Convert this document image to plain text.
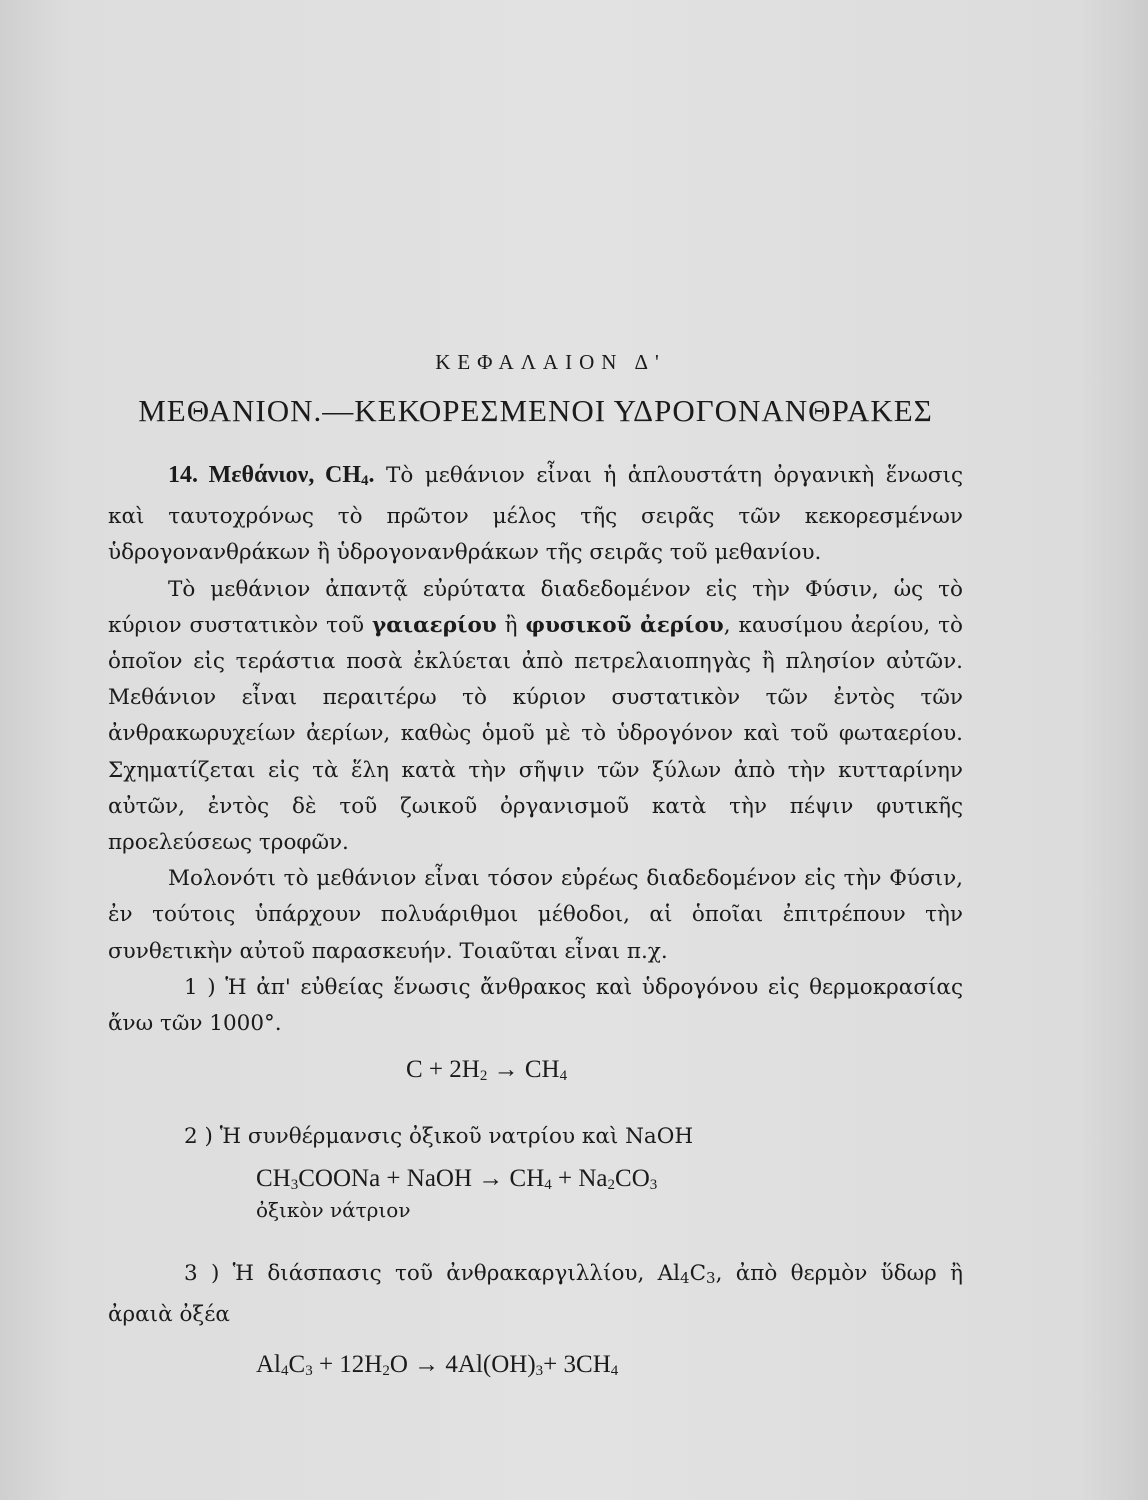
ΚΕΦΑΛΑΙΟΝ Δ'
ΜΕΘΑΝΙΟΝ.—ΚΕΚΟΡΕΣΜΕΝΟΙ ΥΔΡΟΓΟΝΑΝΘΡΑΚΕΣ

14. Μεθάνιον, $CH_4$. Τὸ μεθάνιον εἶναι ἡ ἁπλουστάτη ὀργανικὴ ἕνωσις καὶ ταυτοχρόνως τὸ πρῶτον μέλος τῆς σειρᾶς τῶν κεκορεσμένων ὑδρογονανθράκων ἢ ὑδρογονανθράκων τῆς σειρᾶς τοῦ μεθανίου.

Τὸ μεθάνιον ἀπαντᾷ εὐρύτατα διαδεδομένον εἰς τὴν Φύσιν, ὡς τὸ κύριον συστατικὸν τοῦ γαιαερίου ἢ φυσικοῦ ἀερίου, καυσίμου ἀερίου, τὸ ὁποῖον εἰς τεράστια ποσὰ ἐκλύεται ἀπὸ πετρελαιοπηγὰς ἢ πλησίον αὐτῶν. Μεθάνιον εἶναι περαιτέρω τὸ κύριον συστατικὸν τῶν ἐντὸς τῶν ἀνθρακωρυχείων ἀερίων, καθὼς ὁμοῦ μὲ τὸ ὑδρογόνον καὶ τοῦ φωταερίου. Σχηματίζεται εἰς τὰ ἕλη κατὰ τὴν σῆψιν τῶν ξύλων ἀπὸ τὴν κυτταρίνην αὐτῶν, ἐντὸς δὲ τοῦ ζωικοῦ ὀργανισμοῦ κατὰ τὴν πέψιν φυτικῆς προελεύσεως τροφῶν.

Μολονότι τὸ μεθάνιον εἶναι τόσον εὐρέως διαδεδομένον εἰς τὴν Φύσιν, ἐν τούτοις ὑπάρχουν πολυάριθμοι μέθοδοι, αἱ ὁποῖαι ἐπιτρέπουν τὴν συνθετικὴν αὐτοῦ παρασκευήν. Τοιαῦται εἶναι π.χ.

1 ) Ἡ ἀπ' εὐθείας ἕνωσις ἄνθρακος καὶ ὑδρογόνου εἰς θερμοκρασίας ἄνω τῶν 1000°.

$C + 2H_2 \to CH_4$

2 ) Ἡ συνθέρμανσις ὀξικοῦ νατρίου καὶ NaOH

$CH_3COONa$ + NaOH → $CH_4 + Na_2CO_3$
ὀξικὸν νάτριον

3 ) Ἡ διάσπασις τοῦ ἀνθρακαργιλλίου, $Al_4C_3$, ἀπὸ θερμὸν ὕδωρ ἢ ἀραιὰ ὀξέα

$Al_4C_3 + 12H_2O \to 4Al(OH)_3+ 3CH_4$
